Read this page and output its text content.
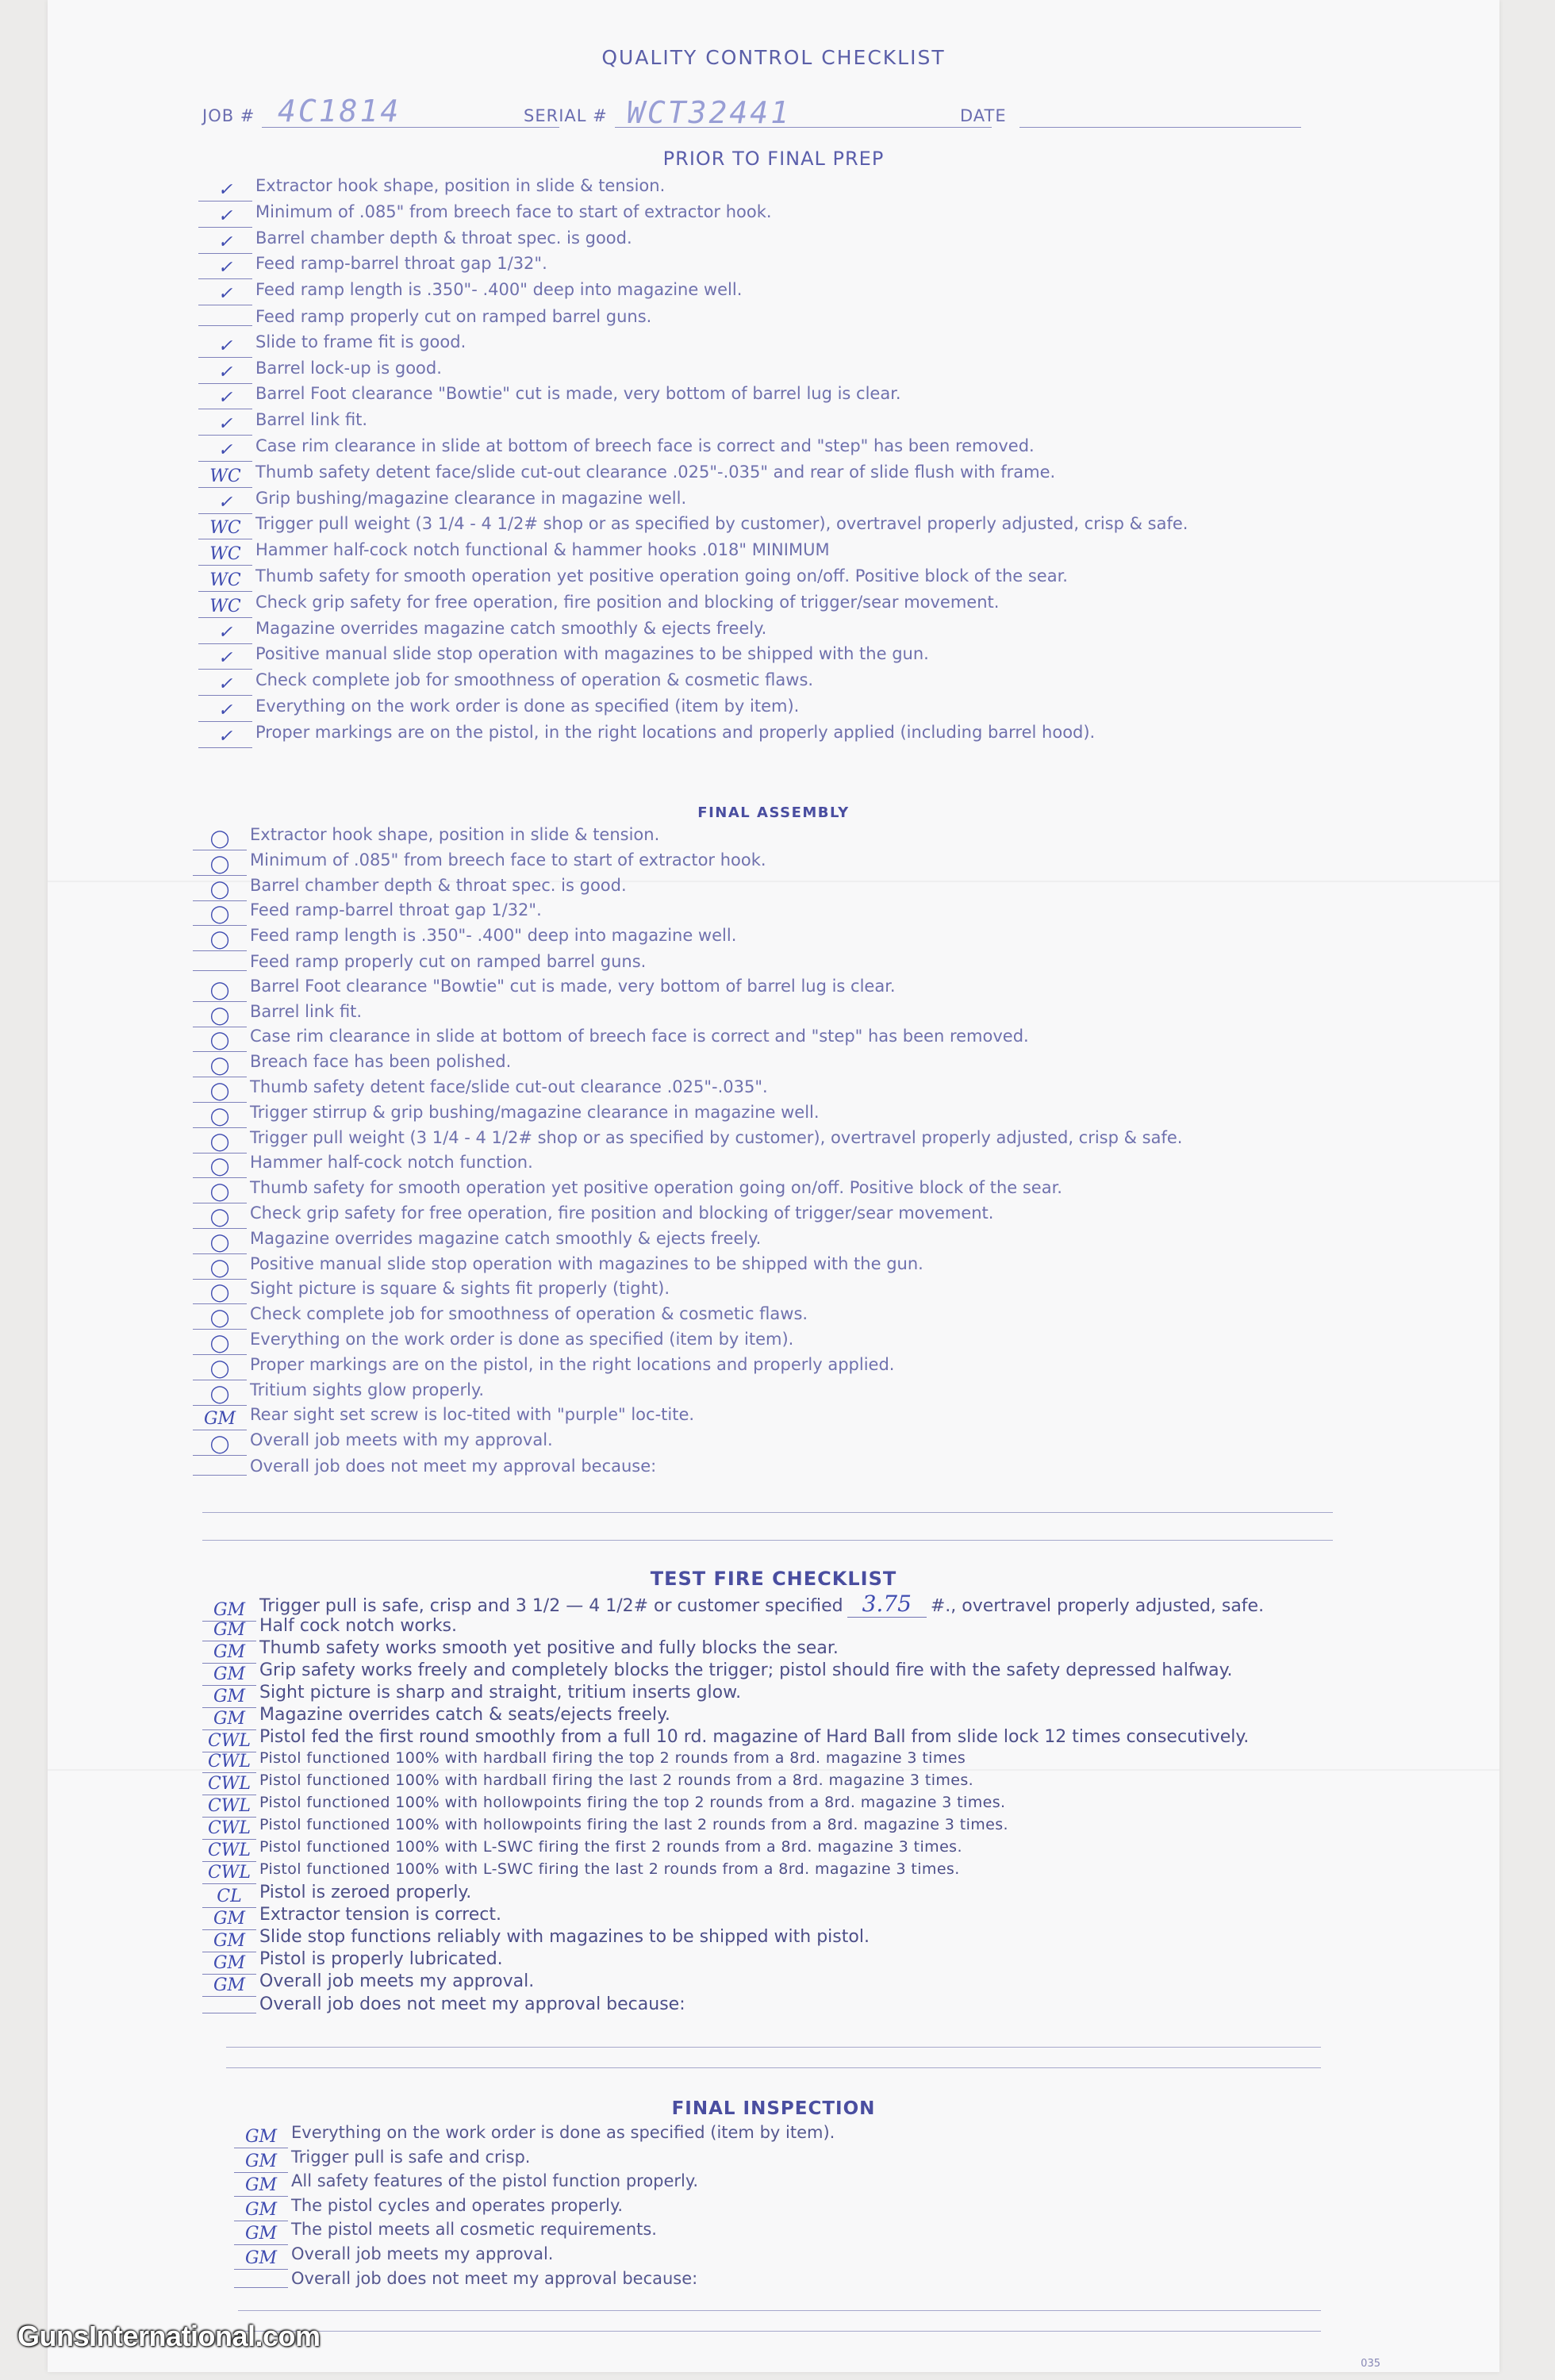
QUALITY CONTROL CHECKLIST
JOB # 4C1814	SERIAL # WCT32441	DATE
PRIOR TO FINAL PREP
✓ Extractor hook shape, position in slide & tension.
✓ Minimum of .085" from breech face to start of extractor hook.
✓ Barrel chamber depth & throat spec. is good.
✓ Feed ramp-barrel throat gap 1/32".
✓ Feed ramp length is .350"- .400" deep into magazine well.
Feed ramp properly cut on ramped barrel guns.
✓ Slide to frame fit is good.
✓ Barrel lock-up is good.
✓ Barrel Foot clearance "Bowtie" cut is made, very bottom of barrel lug is clear.
✓ Barrel link fit.
✓ Case rim clearance in slide at bottom of breech face is correct and "step" has been removed.
WC Thumb safety detent face/slide cut-out clearance .025"-.035" and rear of slide flush with frame.
✓ Grip bushing/magazine clearance in magazine well.
WC Trigger pull weight (3 1/4 - 4 1/2# shop or as specified by customer), overtravel properly adjusted, crisp & safe.
WC Hammer half-cock notch functional & hammer hooks .018" MINIMUM
WC Thumb safety for smooth operation yet positive operation going on/off. Positive block of the sear.
WC Check grip safety for free operation, fire position and blocking of trigger/sear movement.
✓ Magazine overrides magazine catch smoothly & ejects freely.
✓ Positive manual slide stop operation with magazines to be shipped with the gun.
✓ Check complete job for smoothness of operation & cosmetic flaws.
✓ Everything on the work order is done as specified (item by item).
✓ Proper markings are on the pistol, in the right locations and properly applied (including barrel hood).
FINAL ASSEMBLY
◯ Extractor hook shape, position in slide & tension.
◯ Minimum of .085" from breech face to start of extractor hook.
◯ Barrel chamber depth & throat spec. is good.
◯ Feed ramp-barrel throat gap 1/32".
◯ Feed ramp length is .350"- .400" deep into magazine well.
Feed ramp properly cut on ramped barrel guns.
◯ Barrel Foot clearance "Bowtie" cut is made, very bottom of barrel lug is clear.
◯ Barrel link fit.
◯ Case rim clearance in slide at bottom of breech face is correct and "step" has been removed.
◯ Breach face has been polished.
◯ Thumb safety detent face/slide cut-out clearance .025"-.035".
◯ Trigger stirrup & grip bushing/magazine clearance in magazine well.
◯ Trigger pull weight (3 1/4 - 4 1/2# shop or as specified by customer), overtravel properly adjusted, crisp & safe.
◯ Hammer half-cock notch function.
◯ Thumb safety for smooth operation yet positive operation going on/off. Positive block of the sear.
◯ Check grip safety for free operation, fire position and blocking of trigger/sear movement.
◯ Magazine overrides magazine catch smoothly & ejects freely.
◯ Positive manual slide stop operation with magazines to be shipped with the gun.
◯ Sight picture is square & sights fit properly (tight).
◯ Check complete job for smoothness of operation & cosmetic flaws.
◯ Everything on the work order is done as specified (item by item).
◯ Proper markings are on the pistol, in the right locations and properly applied.
◯ Tritium sights glow properly.
GM Rear sight set screw is loc-tited with "purple" loc-tite.
◯ Overall job meets with my approval.
Overall job does not meet my approval because:
TEST FIRE CHECKLIST
GM Trigger pull is safe, crisp and 3 1/2 — 4 1/2# or customer specified 3.75 #., overtravel properly adjusted, safe.
GM Half cock notch works.
GM Thumb safety works smooth yet positive and fully blocks the sear.
GM Grip safety works freely and completely blocks the trigger; pistol should fire with the safety depressed halfway.
GM Sight picture is sharp and straight, tritium inserts glow.
GM Magazine overrides catch & seats/ejects freely.
CWL Pistol fed the first round smoothly from a full 10 rd. magazine of Hard Ball from slide lock 12 times consecutively.
CWL Pistol functioned 100% with hardball firing the top 2 rounds from a 8rd. magazine 3 times
CWL Pistol functioned 100% with hardball firing the last 2 rounds from a 8rd. magazine 3 times.
CWL Pistol functioned 100% with hollowpoints firing the top 2 rounds from a 8rd. magazine 3 times.
CWL Pistol functioned 100% with hollowpoints firing the last 2 rounds from a 8rd. magazine 3 times.
CWL Pistol functioned 100% with L-SWC firing the first 2 rounds from a 8rd. magazine 3 times.
CWL Pistol functioned 100% with L-SWC firing the last 2 rounds from a 8rd. magazine 3 times.
CL Pistol is zeroed properly.
GM Extractor tension is correct.
GM Slide stop functions reliably with magazines to be shipped with pistol.
GM Pistol is properly lubricated.
GM Overall job meets my approval.
Overall job does not meet my approval because:
FINAL INSPECTION
GM Everything on the work order is done as specified (item by item).
GM Trigger pull is safe and crisp.
GM All safety features of the pistol function properly.
GM The pistol cycles and operates properly.
GM The pistol meets all cosmetic requirements.
GM Overall job meets my approval.
Overall job does not meet my approval because:
035
GunsInternational.com
